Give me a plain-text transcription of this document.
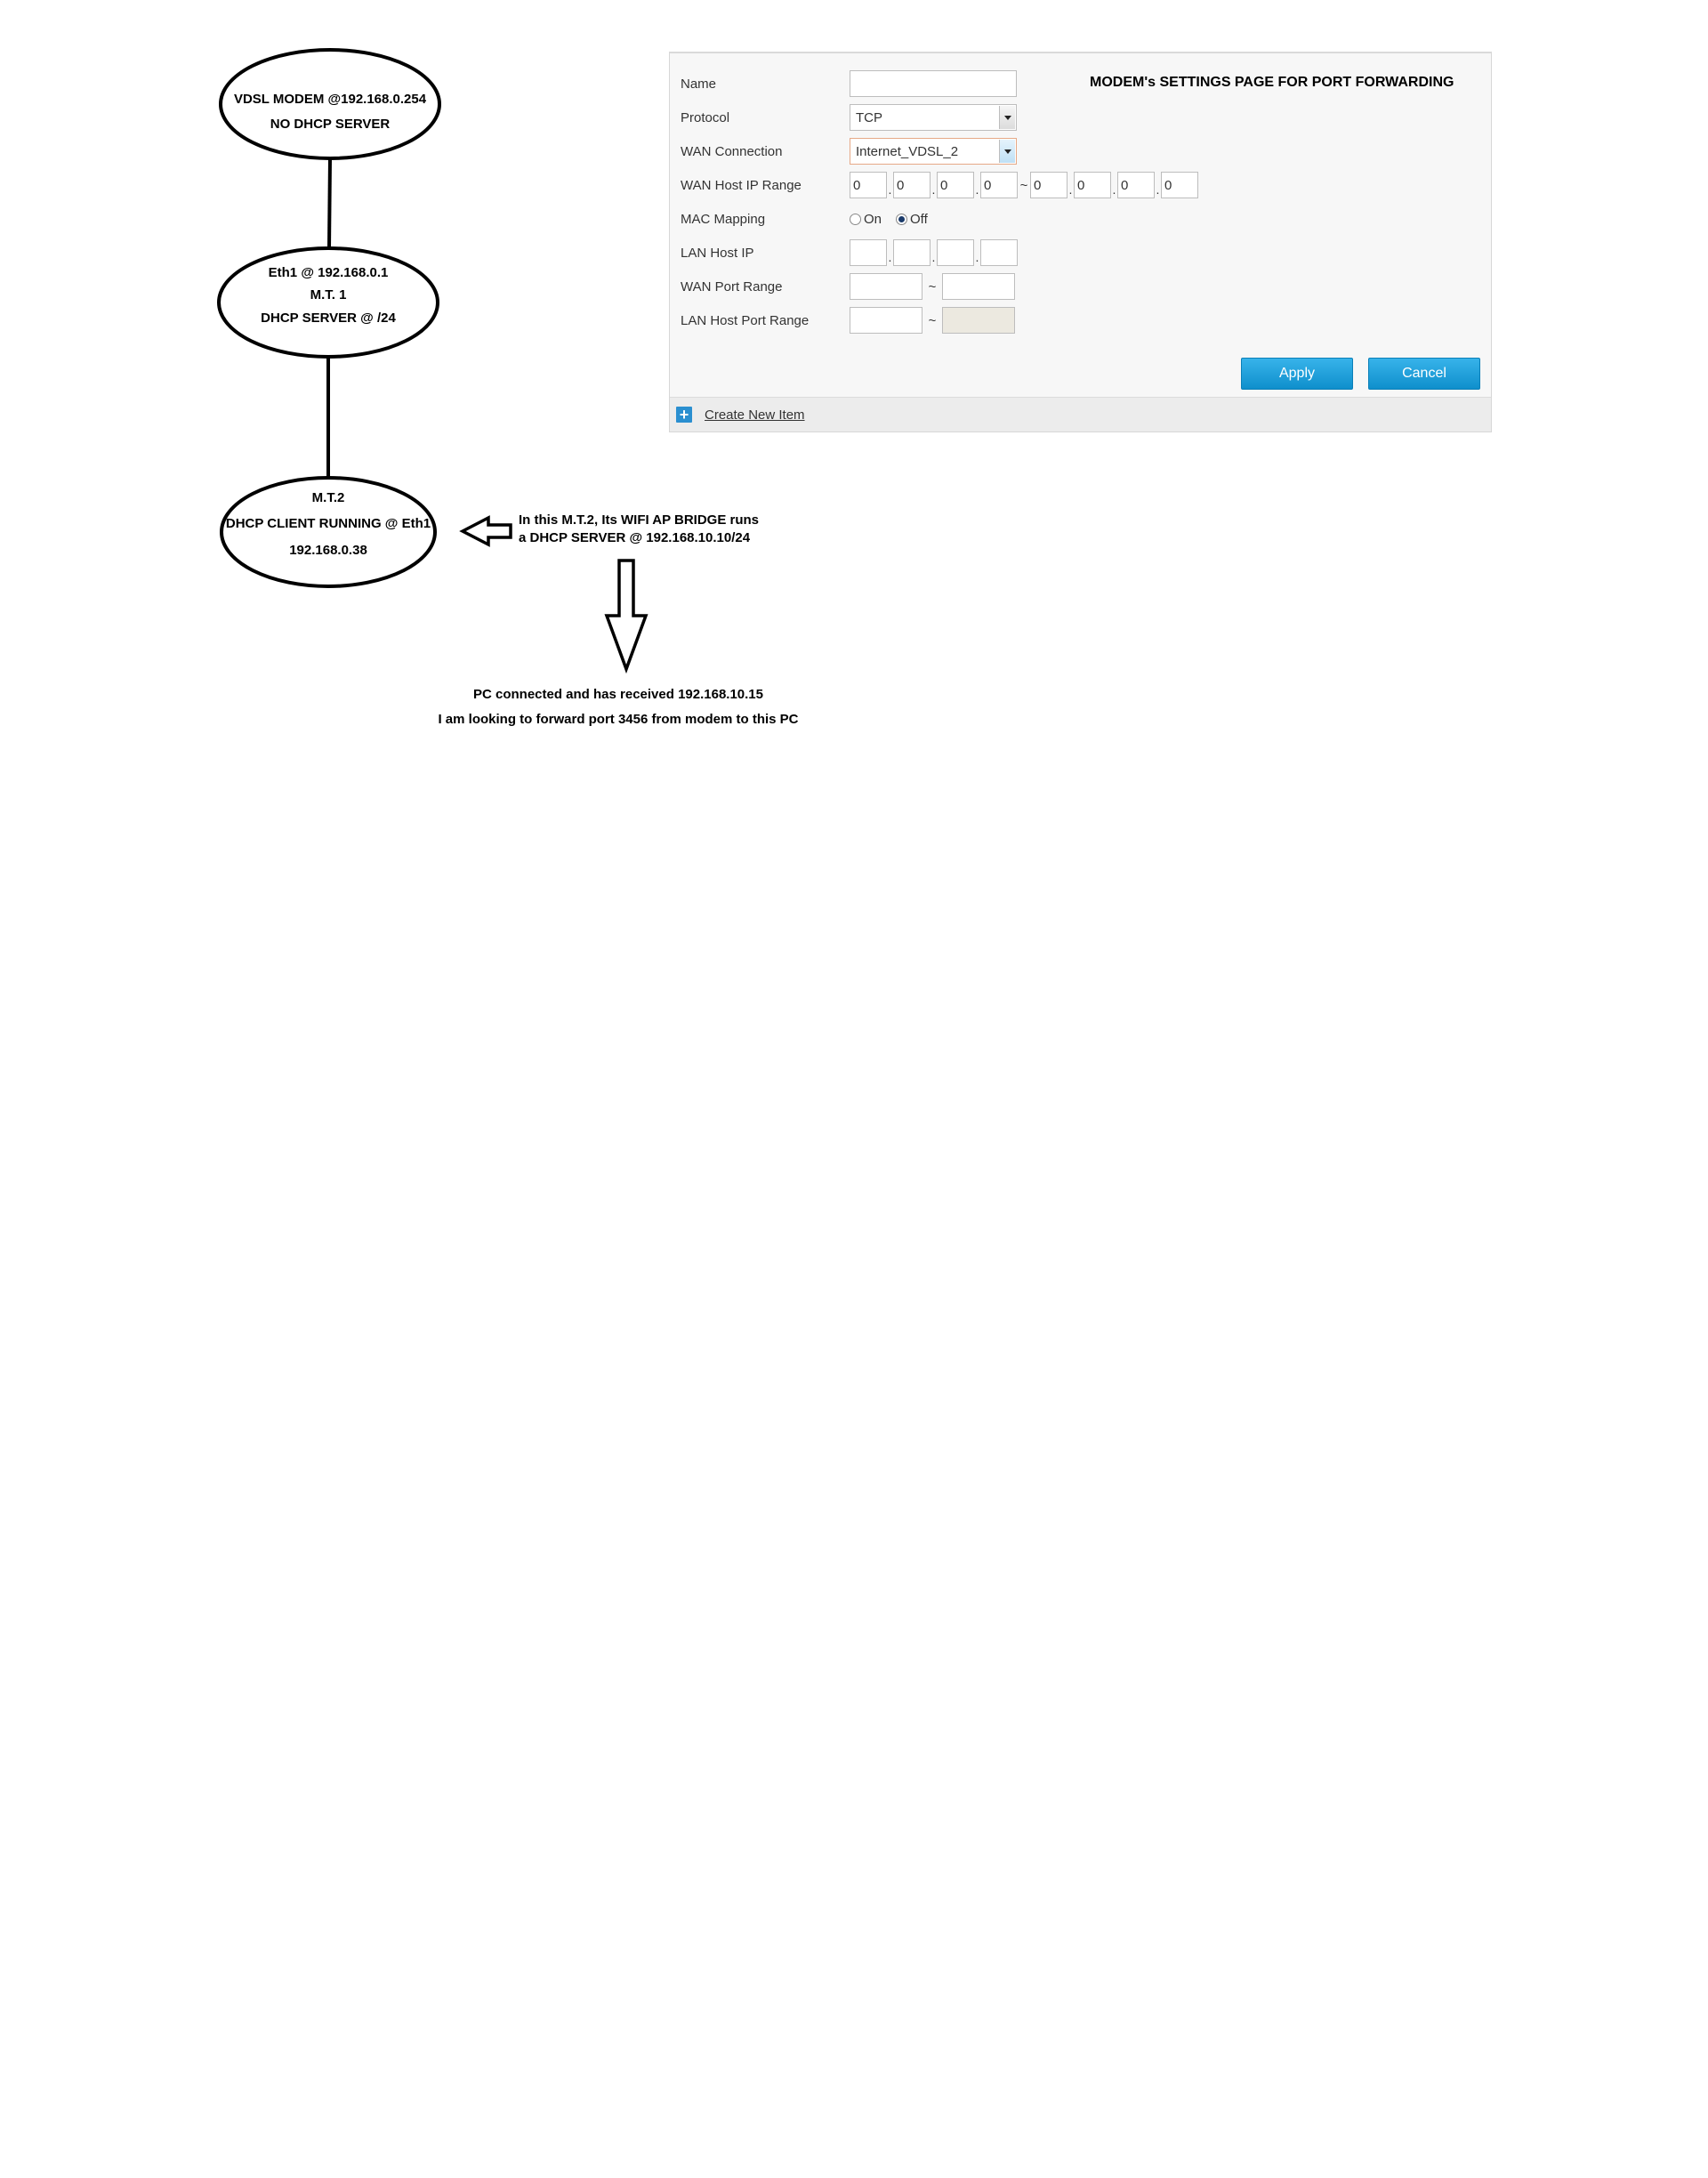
VDSL MODEM @192.168.0.254
NO DHCP SERVER
Eth1 @ 192.168.0.1
M.T. 1
DHCP SERVER @ /24
M.T.2
DHCP CLIENT RUNNING @ Eth1
192.168.0.38
In this M.T.2, Its WIFI AP BRIDGE runs
a DHCP SERVER @ 192.168.10.10/24
PC connected and has received 192.168.10.15
I am looking to forward port 3456 from modem to this PC
MODEM's SETTINGS PAGE FOR PORT FORWARDING
Name
Protocol	TCP
WAN Connection	Internet_VDSL_2
WAN Host IP Range	0	. 0	. 0	. 0	~ 0	. 0	. 0	. 0
MAC Mapping	On Off
LAN Host IP	.	.	.
WAN Port Range	~
LAN Host Port Range	~
Apply	Cancel
+ Create New Item
